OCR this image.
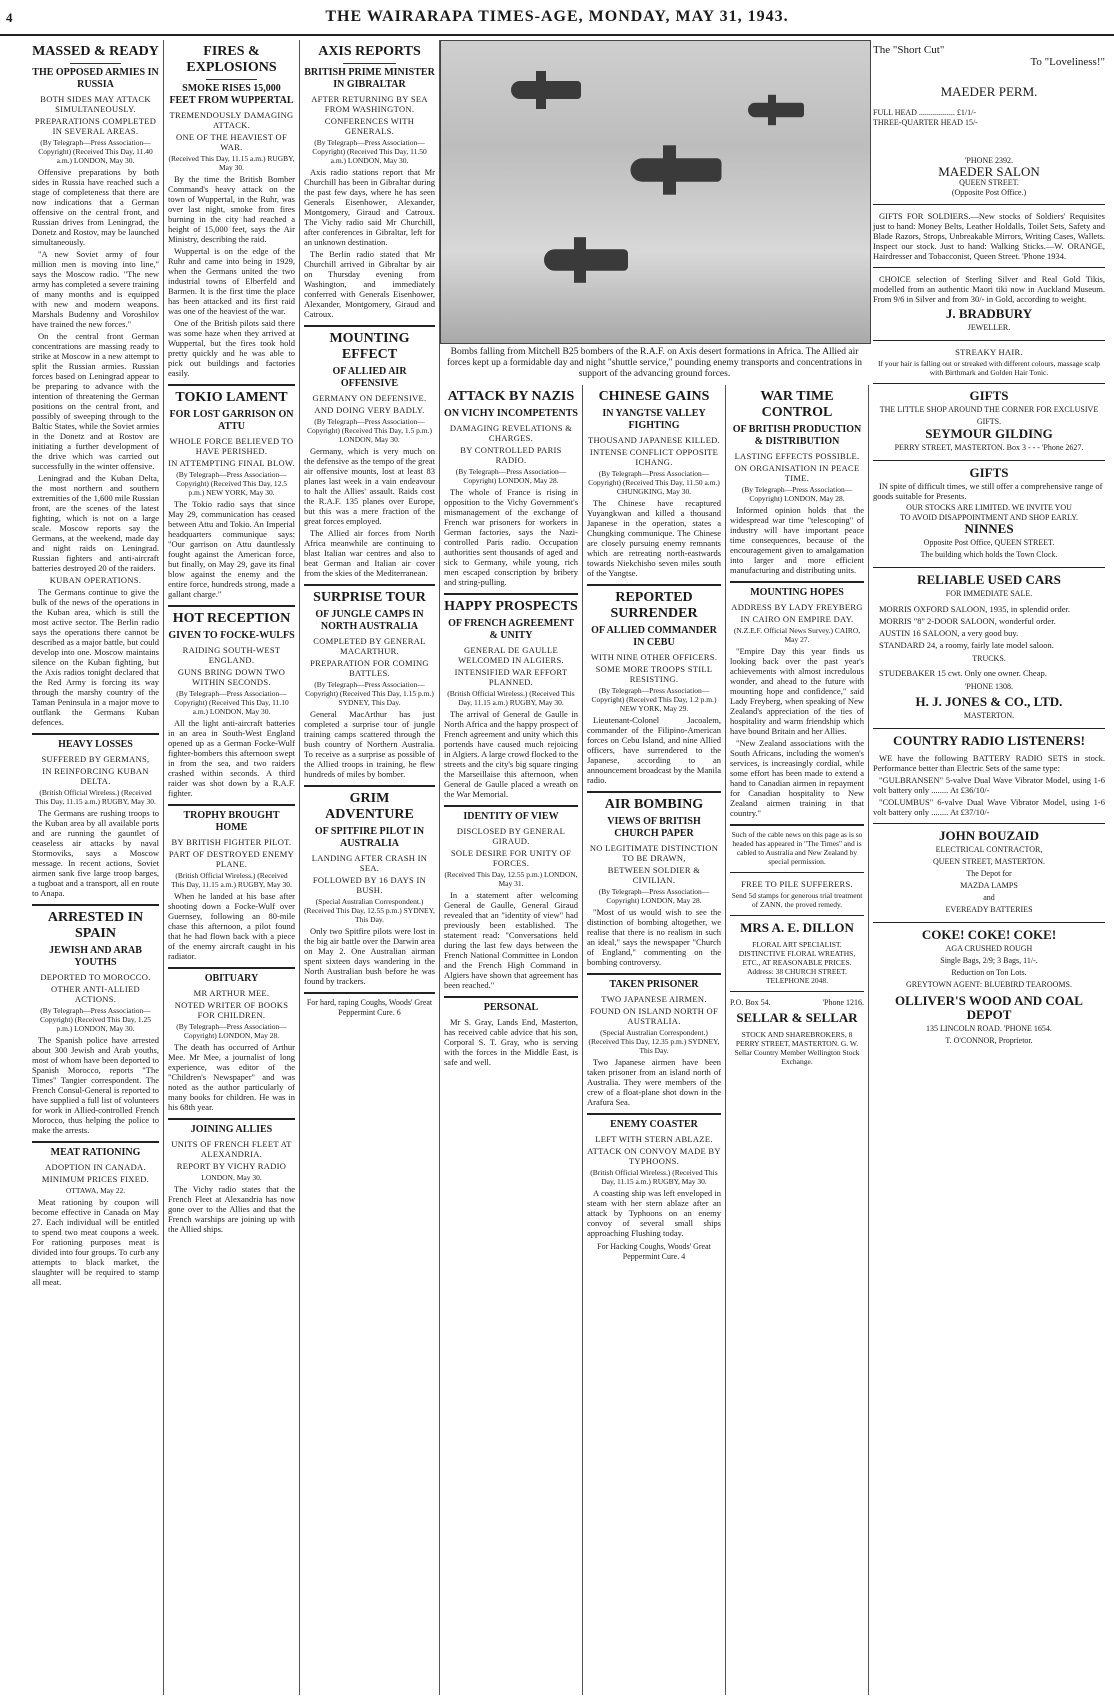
4	THE WAIRARAPA TIMES-AGE, MONDAY, MAY 31, 1943.
MASSED & READY
THE OPPOSED ARMIES IN RUSSIA
BOTH SIDES MAY ATTACK SIMULTANEOUSLY.
PREPARATIONS COMPLETED IN SEVERAL AREAS.
(By Telegraph—Press Association—Copyright) (Received This Day, 11.40 a.m.) LONDON, May 30.

Offensive preparations by both sides in Russia have reached such a stage of completeness that there are now indications that a German offensive on the central front, and Russian drives from Leningrad, the Donetz and Rostov, may be launched simultaneously.

"A new Soviet army of four million men is moving into line," says the Moscow radio. "The new army has completed a severe training of many months and is equipped with new and modern weapons. Marshals Budenny and Voroshilov have trained the new forces."

On the central front German concentrations are massing ready to strike at Moscow in a new attempt to split the Russian armies. Russian forces based on Leningrad appear to be preparing to advance with the intention of threatening the German positions on the central front, and possibly of sweeping through to the Baltic States, while the Soviet armies in the Donetz and at Rostov are initiating a further development of the drive which was carried out successfully in the winter offensive.

Leningrad and the Kuban Delta, the most northern and southern extremities of the 1,600 mile Russian front, are the scenes of the latest fighting, which is not on a large scale. Moscow reports say the Germans, at the weekend, made day and night raids on Leningrad. Russian fighters and anti-aircraft batteries destroyed 20 of the raiders.

KUBAN OPERATIONS.

The Germans continue to give the bulk of the news of the operations in the Kuban area, which is still the most active sector. The Berlin radio says the operations there cannot be described as a major battle, but could develop into one. Moscow maintains silence on the Kuban fighting, but the Axis radios tonight declared that the Red Army is forcing its way through the marshy country of the Taman Peninsula in a major move to outflank the Germans Kuban defences.

HEAVY LOSSES
SUFFERED BY GERMANS,
IN REINFORCING KUBAN DELTA.
(British Official Wireless.) (Received This Day, 11.15 a.m.) RUGBY, May 30.

The Germans are rushing troops to the Kuban area by all available ports and are running the gauntlet of ceaseless air attacks by naval Stormoviks, says a Moscow message. In recent actions, Soviet airmen sank five large troop barges, a tugboat and a transport, all en route to Anapa.

ARRESTED IN SPAIN
JEWISH AND ARAB YOUTHS
DEPORTED TO MOROCCO.
OTHER ANTI-ALLIED ACTIONS.
(By Telegraph—Press Association—Copyright) (Received This Day, 1.25 p.m.) LONDON, May 30.

The Spanish police have arrested about 300 Jewish and Arab youths, most of whom have been deported to Spanish Morocco, reports "The Times" Tangier correspondent. The French Consul-General is reported to have supplied a full list of volunteers for work in Allied-controlled French Morocco, thus helping the police to make the arrests.

MEAT RATIONING
ADOPTION IN CANADA.
MINIMUM PRICES FIXED.
OTTAWA, May 22.

Meat rationing by coupon will become effective in Canada on May 27. Each individual will be entitled to spend two meat coupons a week. For rationing purposes meat is divided into four groups. To curb any attempts to black market, the slaughter will be required to stamp all meat.

FIRES & EXPLOSIONS
SMOKE RISES 15,000 FEET FROM WUPPERTAL
TREMENDOUSLY DAMAGING ATTACK.
ONE OF THE HEAVIEST OF WAR.
(Received This Day, 11.15 a.m.) RUGBY, May 30.

By the time the British Bomber Command's heavy attack on the town of Wuppertal, in the Ruhr, was over last night, smoke from fires burning in the city had reached a height of 15,000 feet, says the Air Ministry, describing the raid.

Wuppertal is on the edge of the Ruhr and came into being in 1929, when the Germans united the two industrial towns of Elberfeld and Barmen. It is the first time the place has been attacked and its first raid was one of the heaviest of the war.

One of the British pilots said there was some haze when they arrived at Wuppertal, but the fires took hold pretty quickly and he was able to pick out buildings and factories easily.

TOKIO LAMENT
FOR LOST GARRISON ON ATTU
WHOLE FORCE BELIEVED TO HAVE PERISHED.
IN ATTEMPTING FINAL BLOW.
(By Telegraph—Press Association—Copyright) (Received This Day, 12.5 p.m.) NEW YORK, May 30.

The Tokio radio says that since May 29, communication has ceased between Attu and Tokio. An Imperial headquarters communique says: "Our garrison on Attu dauntlessly fought against the American force, but finally, on May 29, gave its final blow against the enemy and the entire force, hundreds strong, made a gallant charge."

HOT RECEPTION
GIVEN TO FOCKE-WULFS
RAIDING SOUTH-WEST ENGLAND.
GUNS BRING DOWN TWO WITHIN SECONDS.
(By Telegraph—Press Association—Copyright) (Received This Day, 11.10 a.m.) LONDON, May 30.

All the light anti-aircraft batteries in an area in South-West England opened up as a German Focke-Wulf fighter-bombers this afternoon swept in from the sea, and two raiders crashed within seconds. A third raider was shot down by a R.A.F. fighter.

TROPHY BROUGHT HOME
BY BRITISH FIGHTER PILOT.
PART OF DESTROYED ENEMY PLANE.
(British Official Wireless.) (Received This Day, 11.15 a.m.) RUGBY, May 30.

When he landed at his base after shooting down a Focke-Wulf over Guernsey, following an 80-mile chase this afternoon, a pilot found that he had flown back with a piece of the enemy aircraft caught in his radiator.

OBITUARY
MR ARTHUR MEE.
NOTED WRITER OF BOOKS FOR CHILDREN.
(By Telegraph—Press Association—Copyright) LONDON, May 28.

The death has occurred of Arthur Mee. Mr Mee, a journalist of long experience, was editor of the "Children's Newspaper" and was noted as the author particularly of many books for children. He was in his 68th year.

JOINING ALLIES
UNITS OF FRENCH FLEET AT ALEXANDRIA.
REPORT BY VICHY RADIO
LONDON, May 30.

The Vichy radio states that the French Fleet at Alexandria has now gone over to the Allies and that the French warships are joining up with the Allied ships.

AXIS REPORTS
BRITISH PRIME MINISTER IN GIBRALTAR
AFTER RETURNING BY SEA FROM WASHINGTON.
CONFERENCES WITH GENERALS.
(By Telegraph—Press Association—Copyright) (Received This Day, 11.50 a.m.) LONDON, May 30.

Axis radio stations report that Mr Churchill has been in Gibraltar during the past few days, where he has seen Generals Eisenhower, Alexander, Montgomery, Giraud and Catroux. The Vichy radio said Mr Churchill, after conferences in Gibraltar, left for an unknown destination.

The Berlin radio stated that Mr Churchill arrived in Gibraltar by air on Thursday evening from Washington, and immediately conferred with Generals Eisenhower, Alexander, Montgomery, Giraud and Catroux.

MOUNTING EFFECT
OF ALLIED AIR OFFENSIVE
GERMANY ON DEFENSIVE.
AND DOING VERY BADLY.
(By Telegraph—Press Association—Copyright) (Received This Day, 1.5 p.m.) LONDON, May 30.

Germany, which is very much on the defensive as the tempo of the great air offensive mounts, lost at least 83 planes last week in a vain endeavour to halt the Allies' assault. Raids cost the R.A.F. 135 planes over Europe, but this was a mere fraction of the great forces employed.

The Allied air forces from North Africa meanwhile are continuing to blast Italian war centres and also to beat German and Italian air cover from the skies of the Mediterranean.

SURPRISE TOUR
OF JUNGLE CAMPS IN NORTH AUSTRALIA
COMPLETED BY GENERAL MACARTHUR.
PREPARATION FOR COMING BATTLES.
(By Telegraph—Press Association—Copyright) (Received This Day, 1.15 p.m.) SYDNEY, This Day.

General MacArthur has just completed a surprise tour of jungle training camps scattered through the bush country of Northern Australia. To receive as a surprise as possible of the Allied troops in training, he flew hundreds of miles by bomber.

GRIM ADVENTURE
OF SPITFIRE PILOT IN AUSTRALIA
LANDING AFTER CRASH IN SEA.
FOLLOWED BY 16 DAYS IN BUSH.
(Special Australian Correspondent.) (Received This Day, 12.55 p.m.) SYDNEY, This Day.

Only two Spitfire pilots were lost in the big air battle over the Darwin area on May 2. One Australian airman spent sixteen days wandering in the North Australian bush before he was found by trackers.

For hard, raping Coughs, Woods' Great Peppermint Cure. 6
Bombs falling from Mitchell B25 bombers of the R.A.F. on Axis desert formations in Africa. The Allied air forces kept up a formidable day and night "shuttle service," pounding enemy transports and concentrations in support of the advancing ground forces.
ATTACK BY NAZIS
ON VICHY INCOMPETENTS
DAMAGING REVELATIONS & CHARGES.
BY CONTROLLED PARIS RADIO.
(By Telegraph—Press Association—Copyright) LONDON, May 28.

The whole of France is rising in opposition to the Vichy Government's mismanagement of the exchange of French war prisoners for workers in German factories, says the Nazi-controlled Paris radio. Occupation authorities sent thousands of aged and sick to Germany, while young, rich men escaped conscription by bribery and string-pulling.

HAPPY PROSPECTS
OF FRENCH AGREEMENT & UNITY
GENERAL DE GAULLE WELCOMED IN ALGIERS.
INTENSIFIED WAR EFFORT PLANNED.
(British Official Wireless.) (Received This Day, 11.15 a.m.) RUGBY, May 30.

The arrival of General de Gaulle in North Africa and the happy prospect of French agreement and unity which this portends have caused much rejoicing in Algiers. A large crowd flocked to the streets and the city's big square ringing the Marseillaise this afternoon, when General de Gaulle placed a wreath on the War Memorial.

IDENTITY OF VIEW
DISCLOSED BY GENERAL GIRAUD.
SOLE DESIRE FOR UNITY OF FORCES.
(Received This Day, 12.55 p.m.) LONDON, May 31.

In a statement after welcoming General de Gaulle, General Giraud revealed that an "identity of view" had previously been established. The statement read: "Conversations held during the last few days between the French National Committee in London and the French High Command in Algiers have shown that agreement has been reached."

PERSONAL

Mr S. Gray, Lands End, Masterton, has received cable advice that his son, Corporal S. T. Gray, who is serving with the forces in the Middle East, is safe and well.

CHINESE GAINS
IN YANGTSE VALLEY FIGHTING
THOUSAND JAPANESE KILLED.
INTENSE CONFLICT OPPOSITE ICHANG.
(By Telegraph—Press Association—Copyright) (Received This Day, 11.50 a.m.) CHUNGKING, May 30.

The Chinese have recaptured Yuyangkwan and killed a thousand Japanese in the operation, states a Chungking communique. The Chinese are closely pursuing enemy remnants which are retreating north-eastwards towards Niekchisho seven miles south of the Yangtse.

REPORTED SURRENDER
OF ALLIED COMMANDER IN CEBU
WITH NINE OTHER OFFICERS.
SOME MORE TROOPS STILL RESISTING.
(By Telegraph—Press Association—Copyright) (Received This Day, 1.2 p.m.) NEW YORK, May 29.

Lieutenant-Colonel Jacoalem, commander of the Filipino-American forces on Cebu Island, and nine Allied officers, have surrendered to the Japanese, according to an announcement broadcast by the Manila radio.

AIR BOMBING
VIEWS OF BRITISH CHURCH PAPER
NO LEGITIMATE DISTINCTION TO BE DRAWN,
BETWEEN SOLDIER & CIVILIAN.
(By Telegraph—Press Association—Copyright) LONDON, May 28.

"Most of us would wish to see the distinction of bombing altogether, we realise that there is no realism in such an ideal," says the newspaper "Church of England," commenting on the bombing controversy.

TAKEN PRISONER
TWO JAPANESE AIRMEN.
FOUND ON ISLAND NORTH OF AUSTRALIA.
(Special Australian Correspondent.) (Received This Day, 12.35 p.m.) SYDNEY, This Day.

Two Japanese airmen have been taken prisoner from an island north of Australia. They were members of the crew of a float-plane shot down in the Arafura Sea.

ENEMY COASTER
LEFT WITH STERN ABLAZE.
ATTACK ON CONVOY MADE BY TYPHOONS.
(British Official Wireless.) (Received This Day, 11.15 a.m.) RUGBY, May 30.

A coasting ship was left enveloped in steam with her stern ablaze after an attack by Typhoons on an enemy convoy of several small ships approaching Flushing today.

For Hacking Coughs, Woods' Great Peppermint Cure. 4
WAR TIME CONTROL
OF BRITISH PRODUCTION & DISTRIBUTION
LASTING EFFECTS POSSIBLE.
ON ORGANISATION IN PEACE TIME.
(By Telegraph—Press Association—Copyright) LONDON, May 28.

Informed opinion holds that the widespread war time "telescoping" of industry will have important peace time consequences, because of the encouragement given to amalgamation into larger and more efficient manufacturing and distributing units.

MOUNTING HOPES
ADDRESS BY LADY FREYBERG
IN CAIRO ON EMPIRE DAY.
(N.Z.E.F. Official News Survey.) CAIRO, May 27.

"Empire Day this year finds us looking back over the past year's achievements with almost incredulous wonder, and ahead to the future with mounting hope and confidence," said Lady Freyberg, when speaking of New Zealand's appreciation of the ties of hospitality and warm friendship which have bound Britain and her Allies.

"New Zealand associations with the South Africans, including the women's services, is increasingly cordial, while some effort has been made to extend a hand to Canadian airmen in repayment for Canadian hospitality to New Zealand airmen training in that country."

Such of the cable news on this page as is so headed has appeared in "The Times" and is cabled to Australia and New Zealand by special permission.
FREE TO PILE SUFFERERS.
Send 5d stamps for generous trial treatment of ZANN, the proved remedy.
MRS A. E. DILLON
FLORAL ART SPECIALIST. DISTINCTIVE FLORAL WREATHS, ETC., AT REASONABLE PRICES. Address: 38 CHURCH STREET. TELEPHONE 2048.
P.O. Box 54.	'Phone 1216.
SELLAR & SELLAR
STOCK AND SHAREBROKERS, 8 PERRY STREET, MASTERTON. G. W. Sellar Country Member Wellington Stock Exchange.
The "Short Cut"
To "Loveliness!"
MAEDER PERM.
FULL HEAD .................. £1/1/-
THREE-QUARTER HEAD 15/-
'PHONE 2392.
MAEDER SALON
QUEEN STREET.
(Opposite Post Office.)

GIFTS FOR SOLDIERS.—New stocks of Soldiers' Requisites just to hand: Money Belts, Leather Holdalls, Toilet Sets, Safety and Blade Razors, Strops, Unbreakable Mirrors, Writing Cases, Wallets. Inspect our stock. Just to hand: Walking Sticks.—W. ORANGE, Hairdresser and Tobacconist, Queen Street. 'Phone 1934.

CHOICE selection of Sterling Silver and Real Gold Tikis, modelled from an authentic Maori tiki now in Auckland Museum. From 9/6 in Silver and from 30/- in Gold, according to weight.

J. BRADBURY
JEWELLER.
STREAKY HAIR.
If your hair is falling out or streaked with different colours, massage scalp with Birthmark and Golden Hair Tonic.
GIFTS
THE LITTLE SHOP AROUND THE CORNER FOR EXCLUSIVE GIFTS.
SEYMOUR GILDING
PERRY STREET, MASTERTON. Box 3 - - - 'Phone 2627.
GIFTS

IN spite of difficult times, we still offer a comprehensive range of goods suitable for Presents.

OUR STOCKS ARE LIMITED. WE INVITE YOU
TO AVOID DISAPPOINTMENT AND SHOP EARLY.
NINNES
Opposite Post Office, QUEEN STREET.
The building which holds the Town Clock.
RELIABLE USED CARS
FOR IMMEDIATE SALE.

MORRIS OXFORD SALOON, 1935, in splendid order.

MORRIS "8" 2-DOOR SALOON, wonderful order.

AUSTIN 16 SALOON, a very good buy.

STANDARD 24, a roomy, fairly late model saloon.

TRUCKS.

STUDEBAKER 15 cwt. Only one owner. Cheap.

'PHONE 1308.
H. J. JONES & CO., LTD.
MASTERTON.
COUNTRY RADIO LISTENERS!

WE have the following BATTERY RADIO SETS in stock. Performance better than Electric Sets of the same type:

"GULBRANSEN" 5-valve Dual Wave Vibrator Model, using 1-6 volt battery only ........ At £36/10/-

"COLUMBUS" 6-valve Dual Wave Vibrator Model, using 1-6 volt battery only ........ At £37/10/-

JOHN BOUZAID
ELECTRICAL CONTRACTOR,
QUEEN STREET, MASTERTON.
The Depot for
MAZDA LAMPS
and
EVEREADY BATTERIES
COKE! COKE! COKE!
AGA CRUSHED ROUGH
Single Bags, 2/9; 3 Bags, 11/-.
Reduction on Ton Lots.
GREYTOWN AGENT: BLUEBIRD TEAROOMS.
OLLIVER'S WOOD AND COAL DEPOT
135 LINCOLN ROAD. 'PHONE 1654.
T. O'CONNOR, Proprietor.
